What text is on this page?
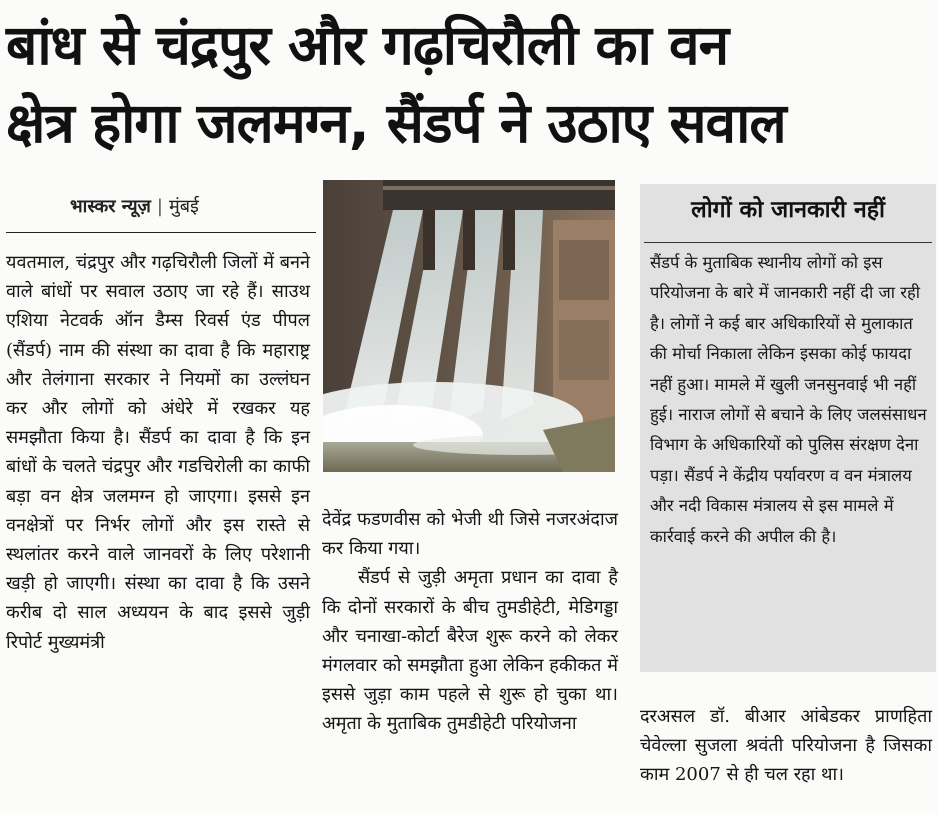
बांध से चंद्रपुर और गढ़चिरौली का वन
क्षेत्र होगा जलमग्न, सैंडर्प ने उठाए सवाल
भास्कर न्यूज़ | मुंबई

यवतमाल, चंद्रपुर और गढ़चिरौली जिलों में बनने वाले बांधों पर सवाल उठाए जा रहे हैं। साउथ एशिया नेटवर्क ऑन डैम्स रिवर्स एंड पीपल (सैंडर्प) नाम की संस्था का दावा है कि महाराष्ट्र और तेलंगाना सरकार ने नियमों का उल्लंघन कर और लोगों को अंधेरे में रखकर यह समझौता किया है। सैंडर्प का दावा है कि इन बांधों के चलते चंद्रपुर और गडचिरोली का काफी बड़ा वन क्षेत्र जलमग्न हो जाएगा। इससे इन वनक्षेत्रों पर निर्भर लोगों और इस रास्ते से स्थलांतर करने वाले जानवरों के लिए परेशानी खड़ी हो जाएगी। संस्था का दावा है कि उसने करीब दो साल अध्ययन के बाद इससे जुड़ी रिपोर्ट मुख्यमंत्री

देवेंद्र फडणवीस को भेजी थी जिसे नजरअंदाज कर किया गया।

सैंडर्प से जुड़ी अमृता प्रधान का दावा है कि दोनों सरकारों के बीच तुमडीहेटी, मेडिगड्डा और चनाखा-कोर्टा बैरेज शुरू करने को लेकर मंगलवार को समझौता हुआ लेकिन हकीकत में इससे जुड़ा काम पहले से शुरू हो चुका था। अमृता के मुताबिक तुमडीहेटी परियोजना

लोगों को जानकारी नहीं

सैंडर्प के मुताबिक स्थानीय लोगों को इस परियोजना के बारे में जानकारी नहीं दी जा रही है। लोगों ने कई बार अधिकारियों से मुलाकात की मोर्चा निकाला लेकिन इसका कोई फायदा नहीं हुआ। मामले में खुली जनसुनवाई भी नहीं हुई। नाराज लोगों से बचाने के लिए जलसंसाधन विभाग के अधिकारियों को पुलिस संरक्षण देना पड़ा। सैंडर्प ने केंद्रीय पर्यावरण व वन मंत्रालय और नदी विकास मंत्रालय से इस मामले में कार्रवाई करने की अपील की है।

दरअसल डॉ. बीआर आंबेडकर प्राणहिता चेवेल्ला सुजला श्रवंती परियोजना है जिसका काम 2007 से ही चल रहा था।
